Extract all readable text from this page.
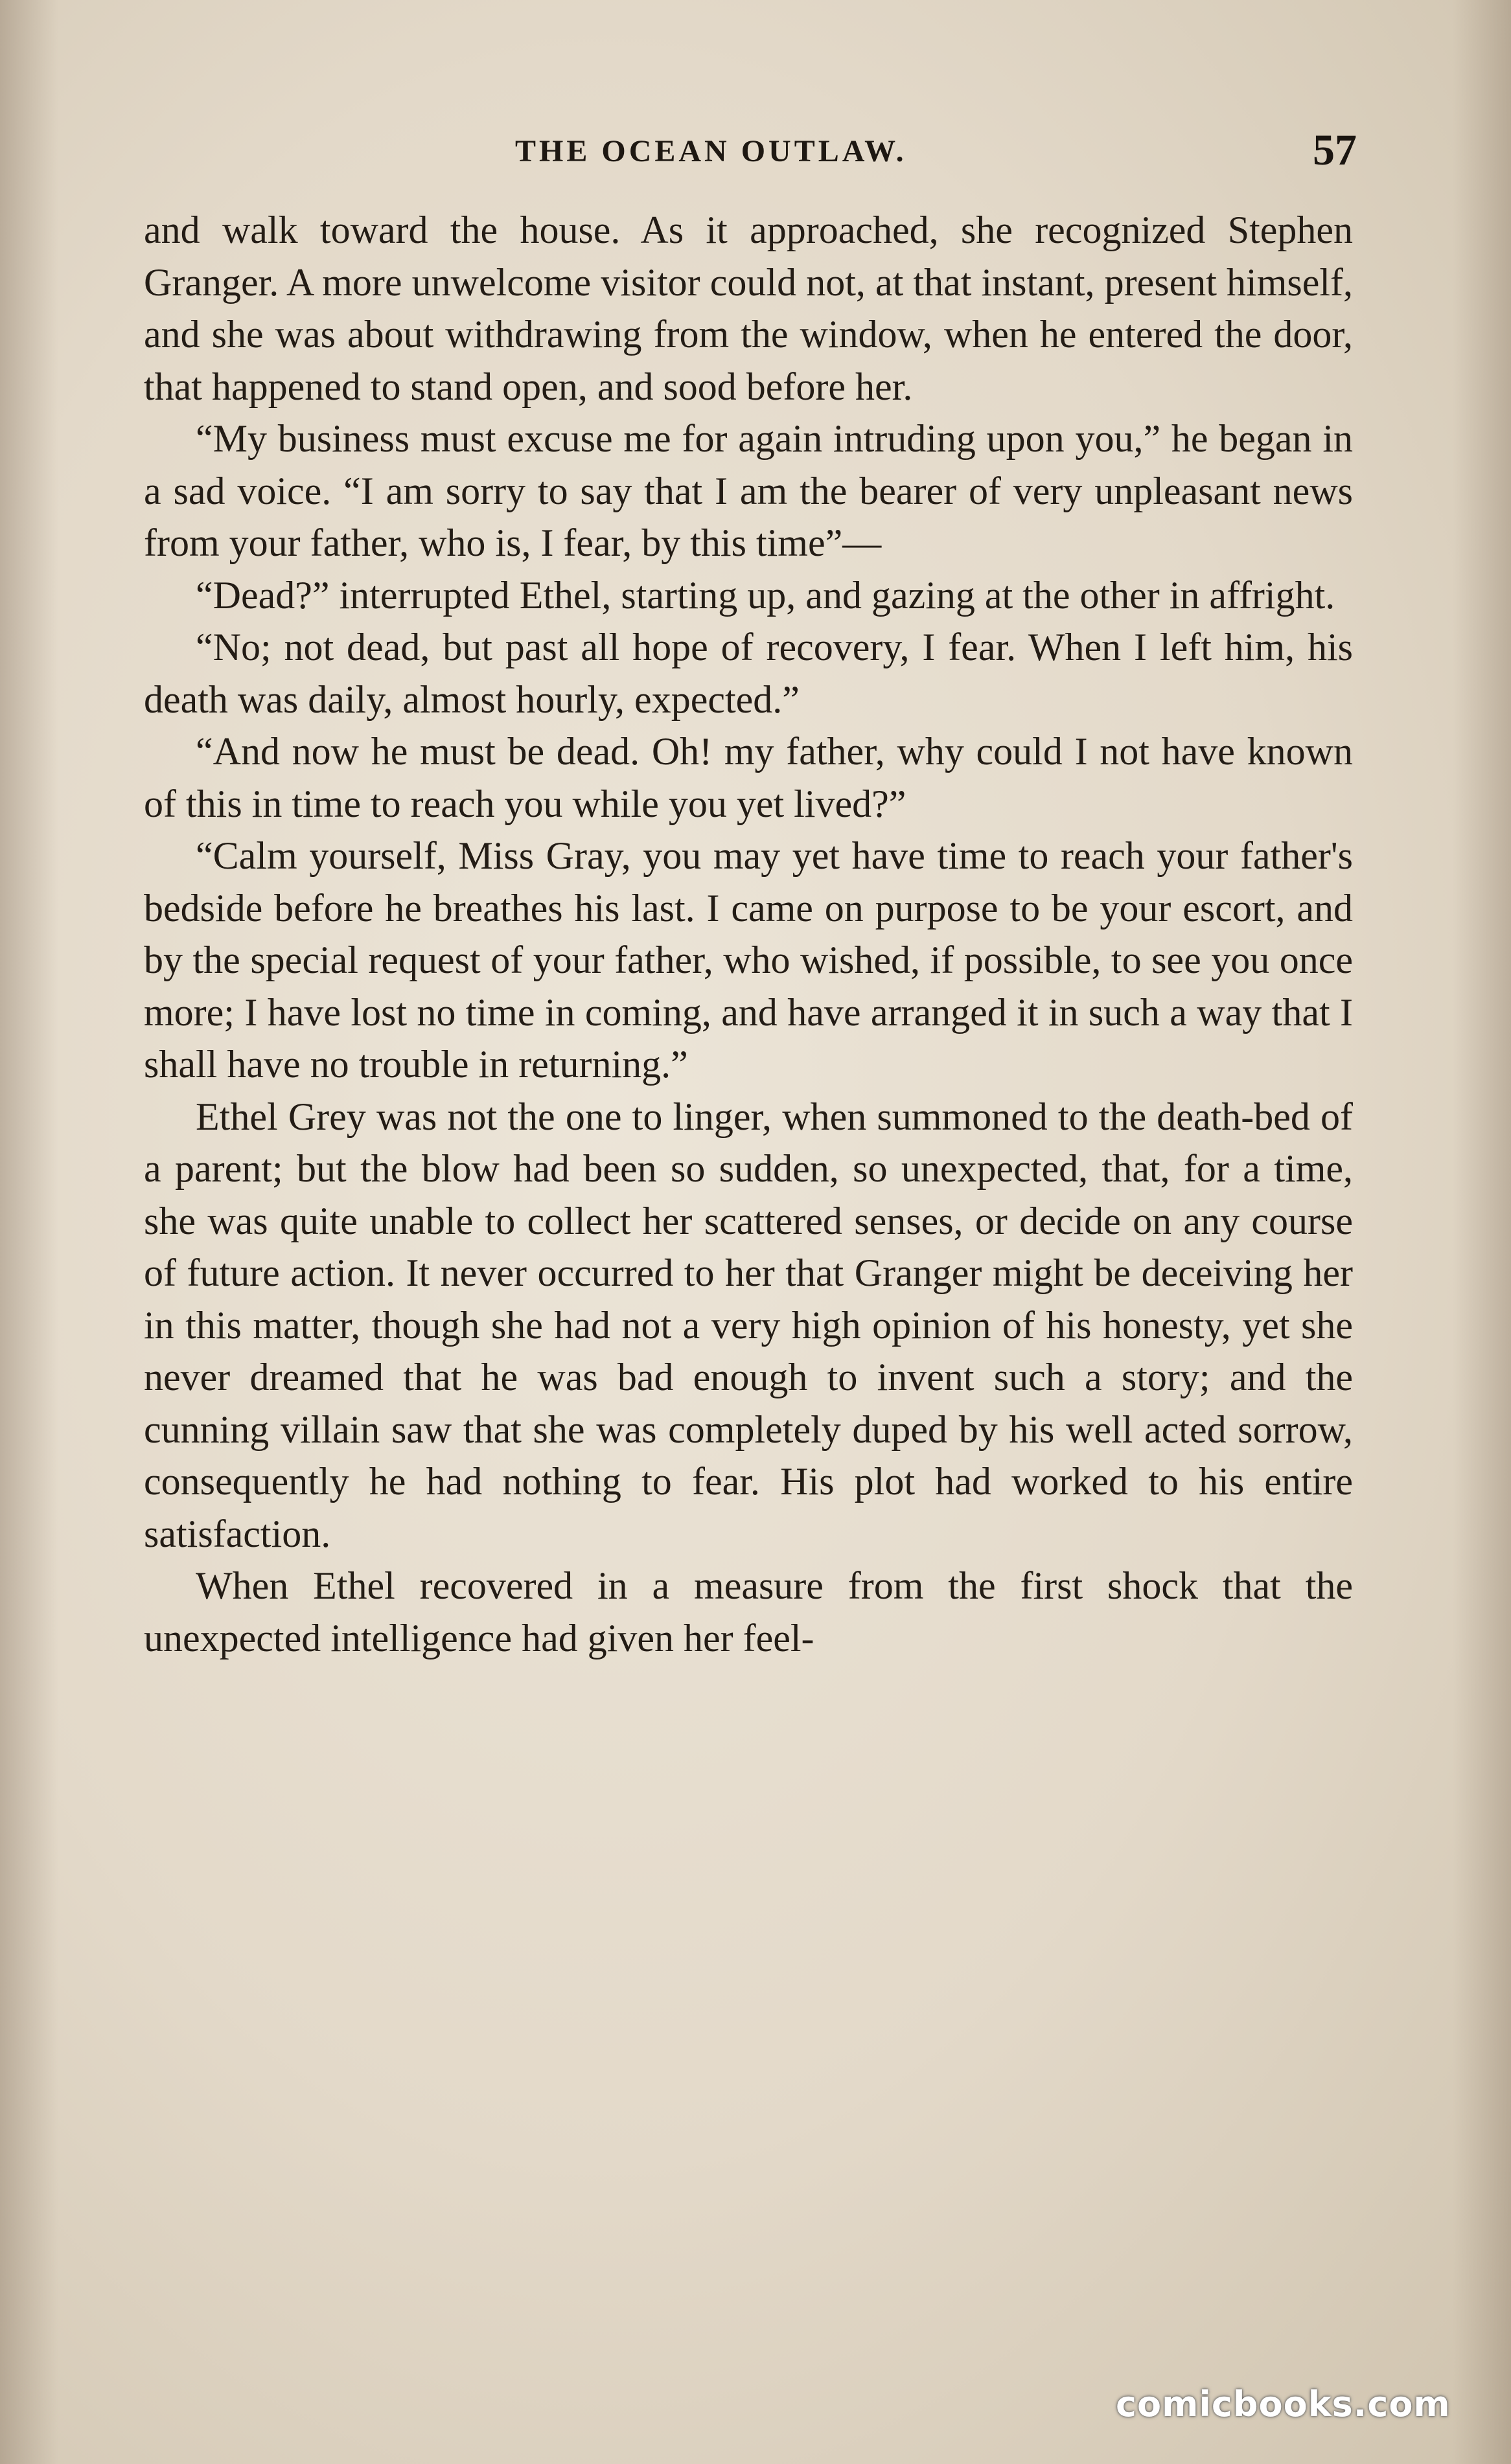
THE OCEAN OUTLAW.	57

and walk toward the house. As it approached, she recognized Stephen Granger. A more unwelcome visitor could not, at that instant, present himself, and she was about withdrawing from the window, when he entered the door, that happened to stand open, and sood before her.

“My business must excuse me for again intruding upon you,” he began in a sad voice. “I am sorry to say that I am the bearer of very unpleasant news from your father, who is, I fear, by this time”—

“Dead?” interrupted Ethel, starting up, and gazing at the other in affright.

“No; not dead, but past all hope of recovery, I fear. When I left him, his death was daily, almost hourly, expected.”

“And now he must be dead. Oh! my father, why could I not have known of this in time to reach you while you yet lived?”

“Calm yourself, Miss Gray, you may yet have time to reach your father's bedside before he breathes his last. I came on purpose to be your escort, and by the special request of your father, who wished, if possible, to see you once more; I have lost no time in coming, and have arranged it in such a way that I shall have no trouble in returning.”

Ethel Grey was not the one to linger, when summoned to the death-bed of a parent; but the blow had been so sudden, so unexpected, that, for a time, she was quite unable to collect her scattered senses, or decide on any course of future action. It never occurred to her that Granger might be deceiving her in this matter, though she had not a very high opinion of his honesty, yet she never dreamed that he was bad enough to invent such a story; and the cunning villain saw that she was completely duped by his well acted sorrow, consequently he had nothing to fear. His plot had worked to his entire satisfaction.

When Ethel recovered in a measure from the first shock that the unexpected intelligence had given her feel-

comicbooks.com
